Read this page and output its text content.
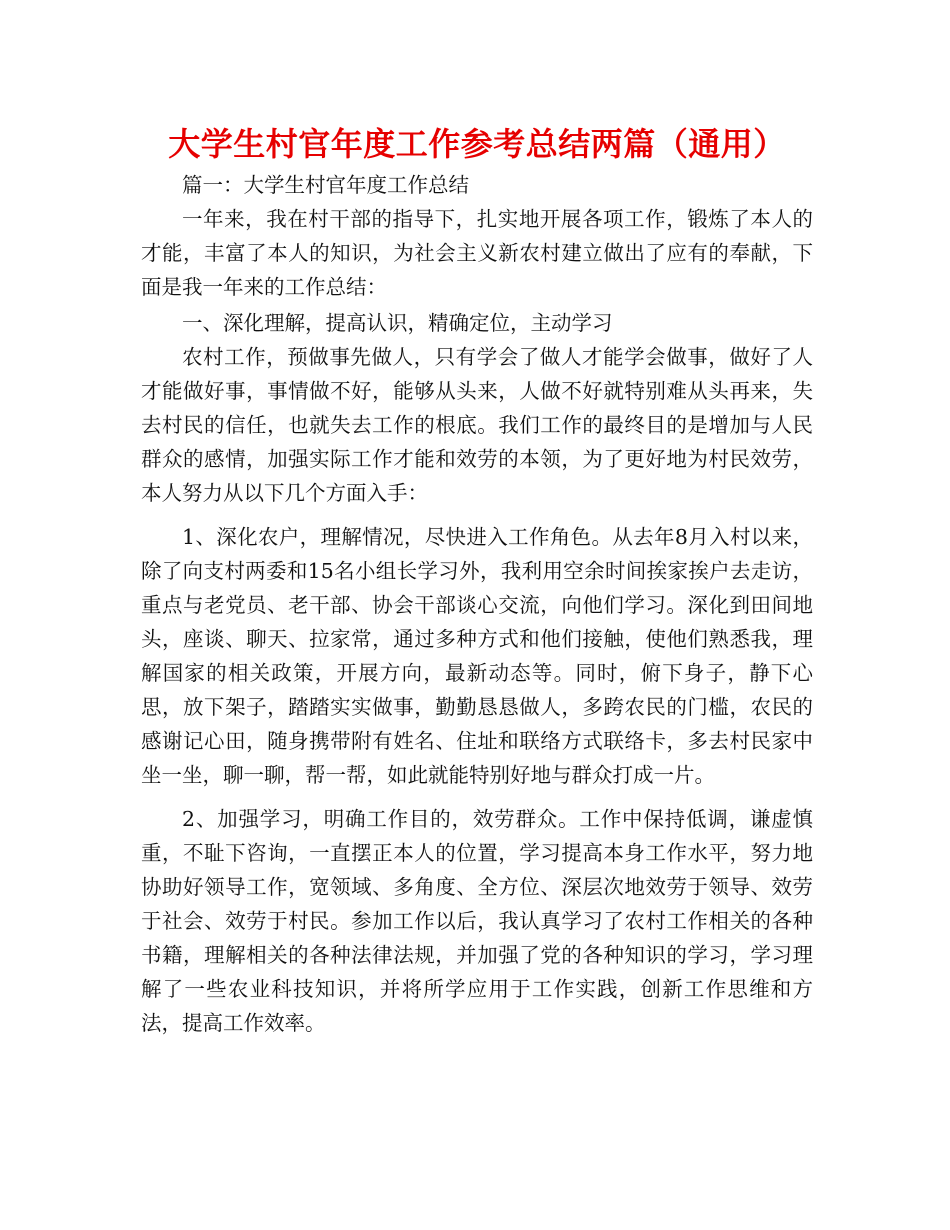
大学生村官年度工作参考总结两篇（通用）

篇一：大学生村官年度工作总结

一年来，我在村干部的指导下，扎实地开展各项工作，锻炼了本人的才能，丰富了本人的知识，为社会主义新农村建立做出了应有的奉献，下面是我一年来的工作总结：

一、深化理解，提高认识，精确定位，主动学习

农村工作，预做事先做人，只有学会了做人才能学会做事，做好了人才能做好事，事情做不好，能够从头来，人做不好就特别难从头再来，失去村民的信任，也就失去工作的根底。我们工作的最终目的是增加与人民群众的感情，加强实际工作才能和效劳的本领，为了更好地为村民效劳，本人努力从以下几个方面入手：

1、深化农户，理解情况，尽快进入工作角色。从去年8月入村以来，除了向支村两委和15名小组长学习外，我利用空余时间挨家挨户去走访，重点与老党员、老干部、协会干部谈心交流，向他们学习。深化到田间地头，座谈、聊天、拉家常，通过多种方式和他们接触，使他们熟悉我，理解国家的相关政策，开展方向，最新动态等。同时，俯下身子，静下心思，放下架子，踏踏实实做事，勤勤恳恳做人，多跨农民的门槛，农民的感谢记心田，随身携带附有姓名、住址和联络方式联络卡，多去村民家中坐一坐，聊一聊，帮一帮，如此就能特别好地与群众打成一片。

2、加强学习，明确工作目的，效劳群众。工作中保持低调，谦虚慎重，不耻下咨询，一直摆正本人的位置，学习提高本身工作水平，努力地协助好领导工作，宽领域、多角度、全方位、深层次地效劳于领导、效劳于社会、效劳于村民。参加工作以后，我认真学习了农村工作相关的各种书籍，理解相关的各种法律法规，并加强了党的各种知识的学习，学习理解了一些农业科技知识，并将所学应用于工作实践，创新工作思维和方法，提高工作效率。
